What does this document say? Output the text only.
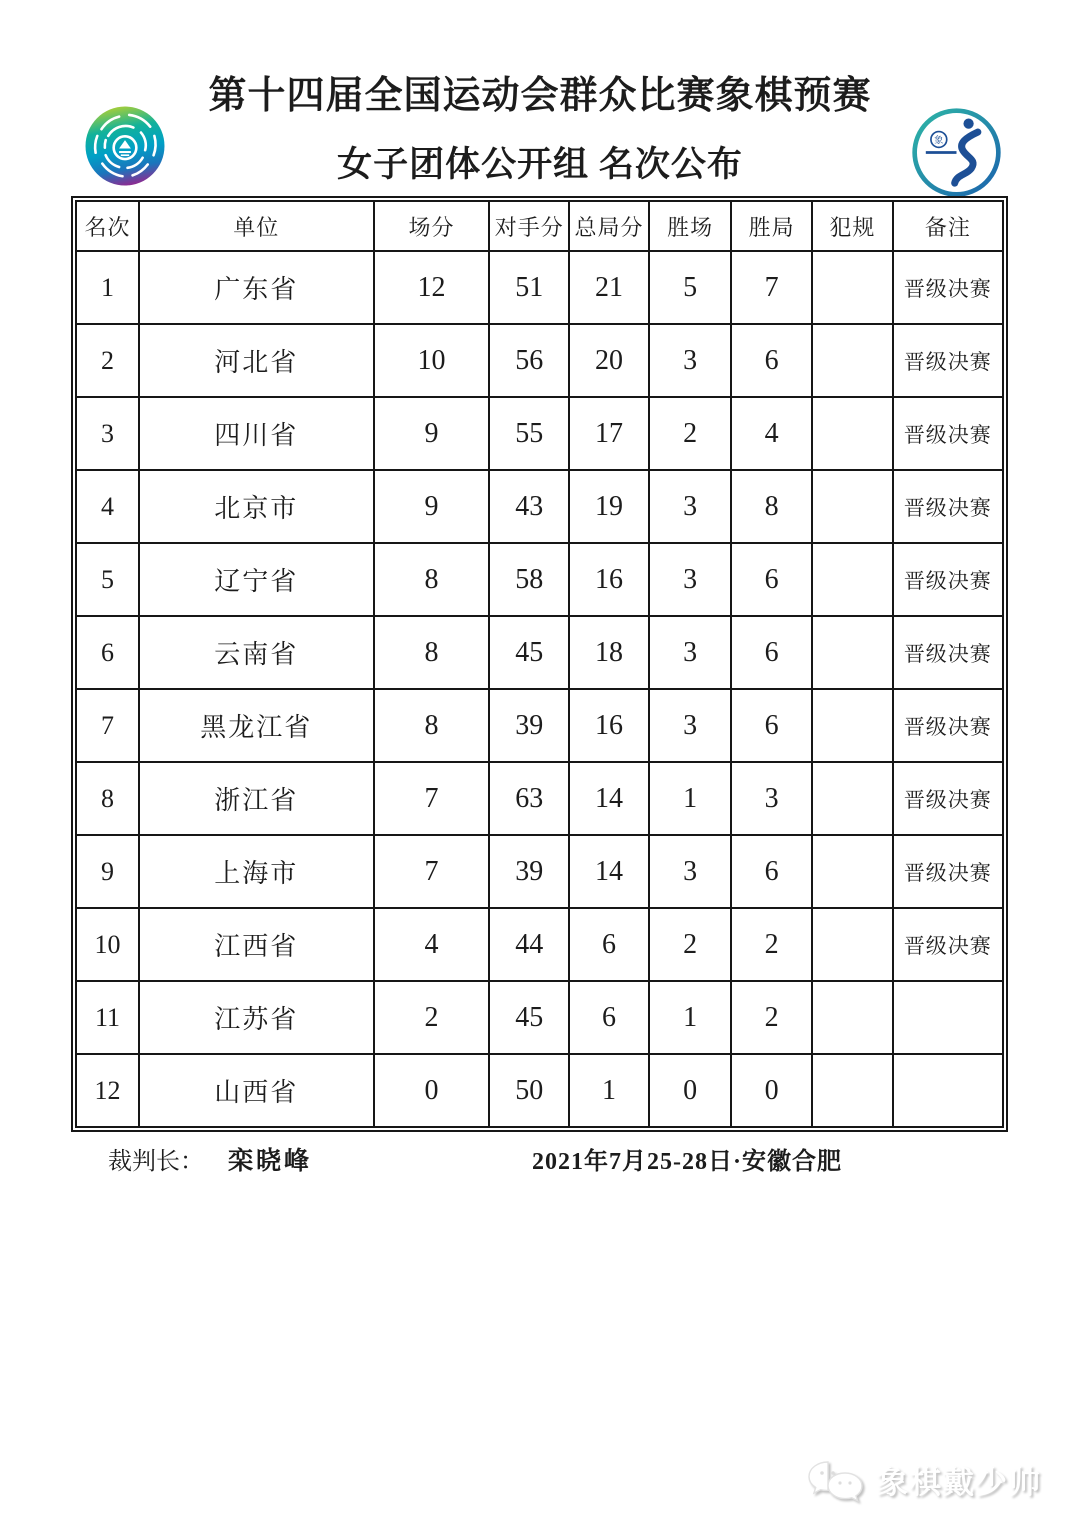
第十四届全国运动会群众比赛象棋预赛
女子团体公开组 名次公布
象
名次	单位	场分	对手分	总局分	胜场	胜局	犯规	备注
1	广东省	12	51	21	5	7		晋级决赛
2	河北省	10	56	20	3	6		晋级决赛
3	四川省	9	55	17	2	4		晋级决赛
4	北京市	9	43	19	3	8		晋级决赛
5	辽宁省	8	58	16	3	6		晋级决赛
6	云南省	8	45	18	3	6		晋级决赛
7	黑龙江省	8	39	16	3	6		晋级决赛
8	浙江省	7	63	14	1	3		晋级决赛
9	上海市	7	39	14	3	6		晋级决赛
10	江西省	4	44	6	2	2		晋级决赛
11	江苏省	2	45	6	1	2		
12	山西省	0	50	1	0	0		
裁判长： 栾晓峰	2021年7月25-28日·安徽合肥
象棋戴少帅
